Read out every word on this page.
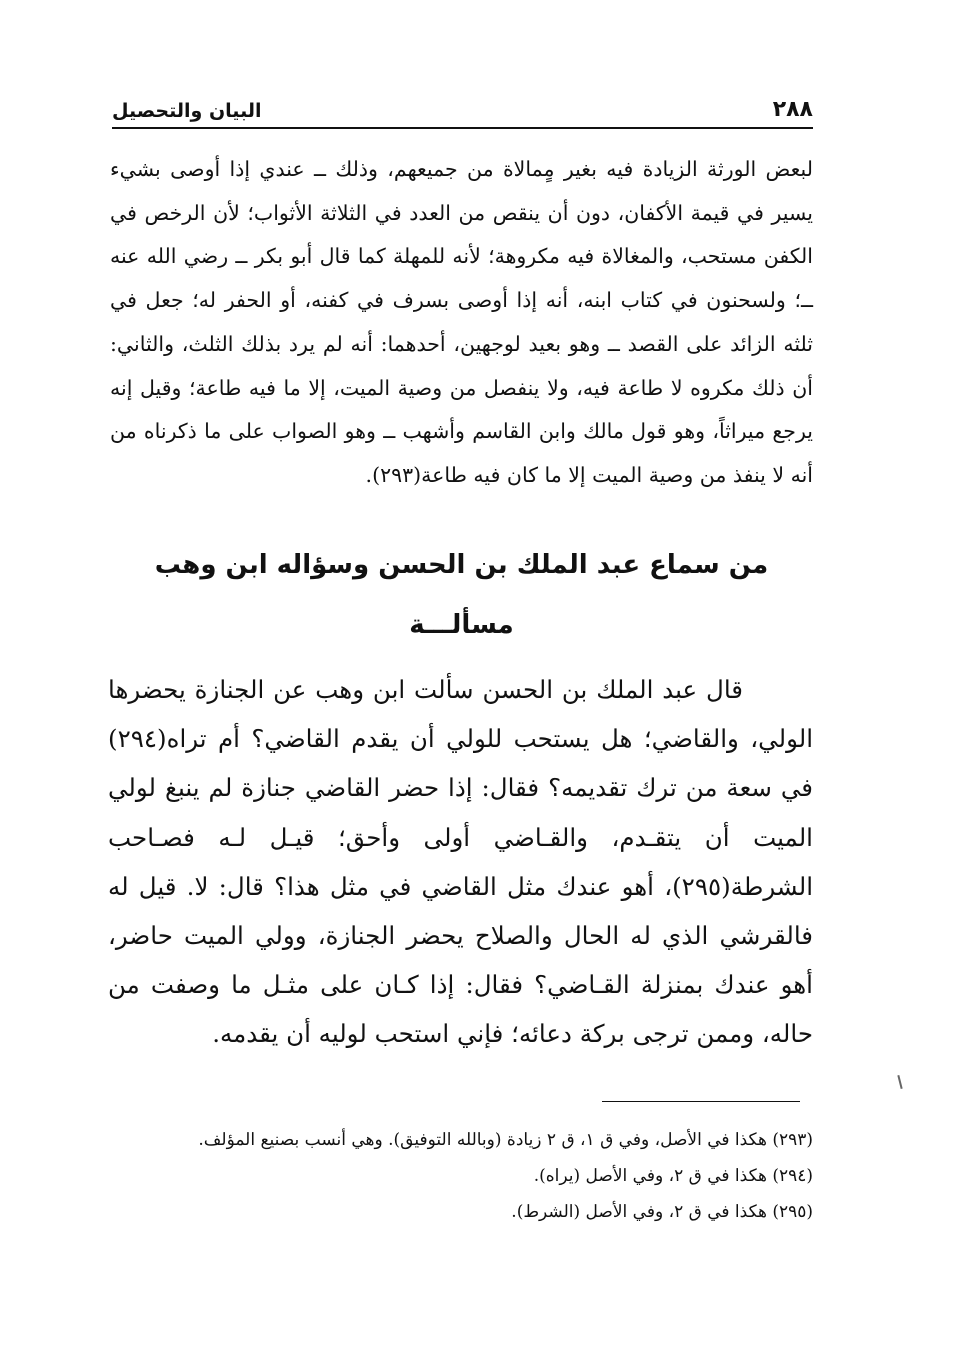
٢٨٨
البيان والتحصيل

لبعض الورثة الزيادة فيه بغير مٍمالاة من جميعهم، وذلك ــ عندي إذا أوصى بشيء يسير في قيمة الأكفان، دون أن ينقص من العدد في الثلاثة الأثواب؛ لأن الرخص في الكفن مستحب، والمغالاة فيه مكروهة؛ لأنه للمهلة كما قال أبو بكر ــ رضي الله عنه ــ؛ ولسحنون في كتاب ابنه، أنه إذا أوصى بسرف في كفنه، أو الحفر له؛ جعل في ثلثه الزائد على القصد ــ وهو بعيد لوجهين، أحدهما: أنه لم يرد بذلك الثلث، والثاني: أن ذلك مكروه لا طاعة فيه، ولا ينفصل من وصية الميت، إلا ما فيه طاعة؛ وقيل إنه يرجع ميراثاً، وهو قول مالك وابن القاسم وأشهب ــ وهو الصواب على ما ذكرناه من أنه لا ينفذ من وصية الميت إلا ما كان فيه طاعة(٢٩٣).

من سماع عبد الملك بن الحسن وسؤاله ابن وهب
مسألـــة

قال عبد الملك بن الحسن سألت ابن وهب عن الجنازة يحضرها الولي، والقاضي؛ هل يستحب للولي أن يقدم القاضي؟ أم تراه(٢٩٤) في سعة من ترك تقديمه؟ فقال: إذا حضر القاضي جنازة لم ينبغ لولي الميت أن يتقـدم، والقـاضي أولى وأحق؛ قيـل لـه فصـاحب الشرطة(٢٩٥)، أهو عندك مثل القاضي في مثل هذا؟ قال: لا. قيل له فالقرشي الذي له الحال والصلاح يحضر الجنازة، وولي الميت حاضر، أهو عندك بمنزلة القـاضي؟ فقال: إذا كـان على مثـل ما وصفت من حاله، وممن ترجى بركة دعائه؛ فإني استحب لوليه أن يقدمه.

(٢٩٣) هكذا في الأصل، وفي ق ١، ق ٢ زيادة (وبالله التوفيق). وهي أنسب بصنيع المؤلف.

(٢٩٤) هكذا في ق ٢، وفي الأصل (يراه).

(٢٩٥) هكذا في ق ٢، وفي الأصل (الشرط).
